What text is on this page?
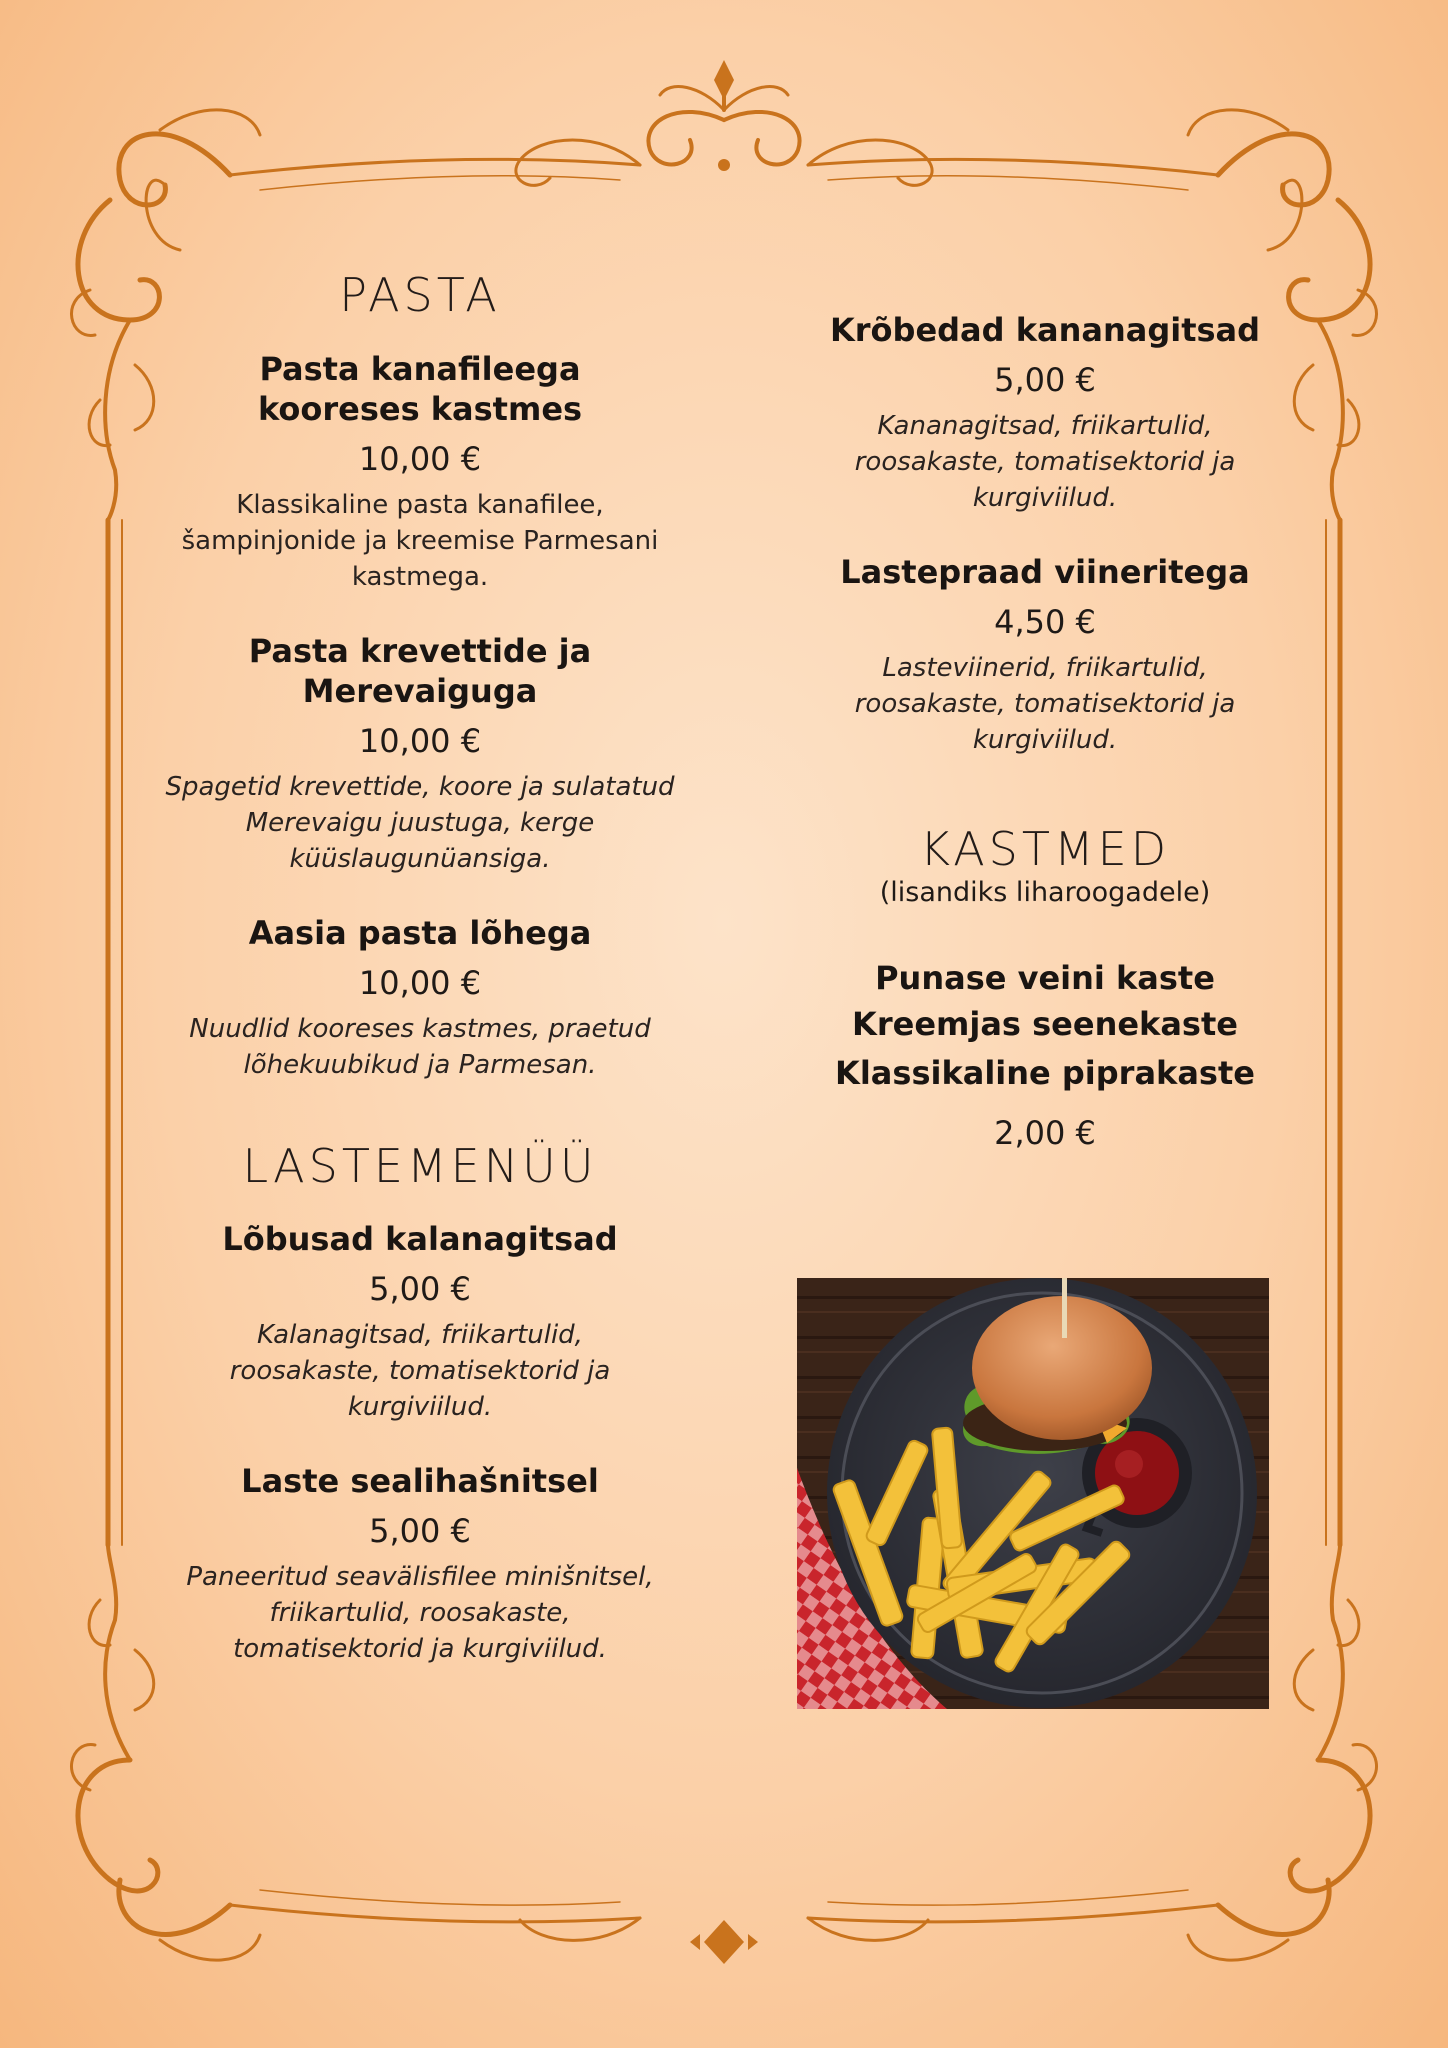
PASTA

Pasta kanafileega
kooreses kastmes

10,00 €

Klassikaline pasta kanafilee,
šampinjonide ja kreemise Parmesani
kastmega.

Pasta krevettide ja
Merevaiguga

10,00 €

Spagetid krevettide, koore ja sulatatud
Merevaigu juustuga, kerge
küüslaugunüansiga.

Aasia pasta lõhega

10,00 €

Nuudlid kooreses kastmes, praetud
lõhekuubikud ja Parmesan.

LASTEMENÜÜ

Lõbusad kalanagitsad

5,00 €

Kalanagitsad, friikartulid,
roosakaste, tomatisektorid ja
kurgiviilud.

Laste sealihašnitsel

5,00 €

Paneeritud seavälisfilee minišnitsel,
friikartulid, roosakaste,
tomatisektorid ja kurgiviilud.

Krõbedad kananagitsad

5,00 €

Kananagitsad, friikartulid,
roosakaste, tomatisektorid ja
kurgiviilud.

Lastepraad viineritega

4,50 €

Lasteviinerid, friikartulid,
roosakaste, tomatisektorid ja
kurgiviilud.

KASTMED

(lisandiks liharoogadele)

Punase veini kaste

Kreemjas seenekaste

Klassikaline piprakaste

2,00 €
